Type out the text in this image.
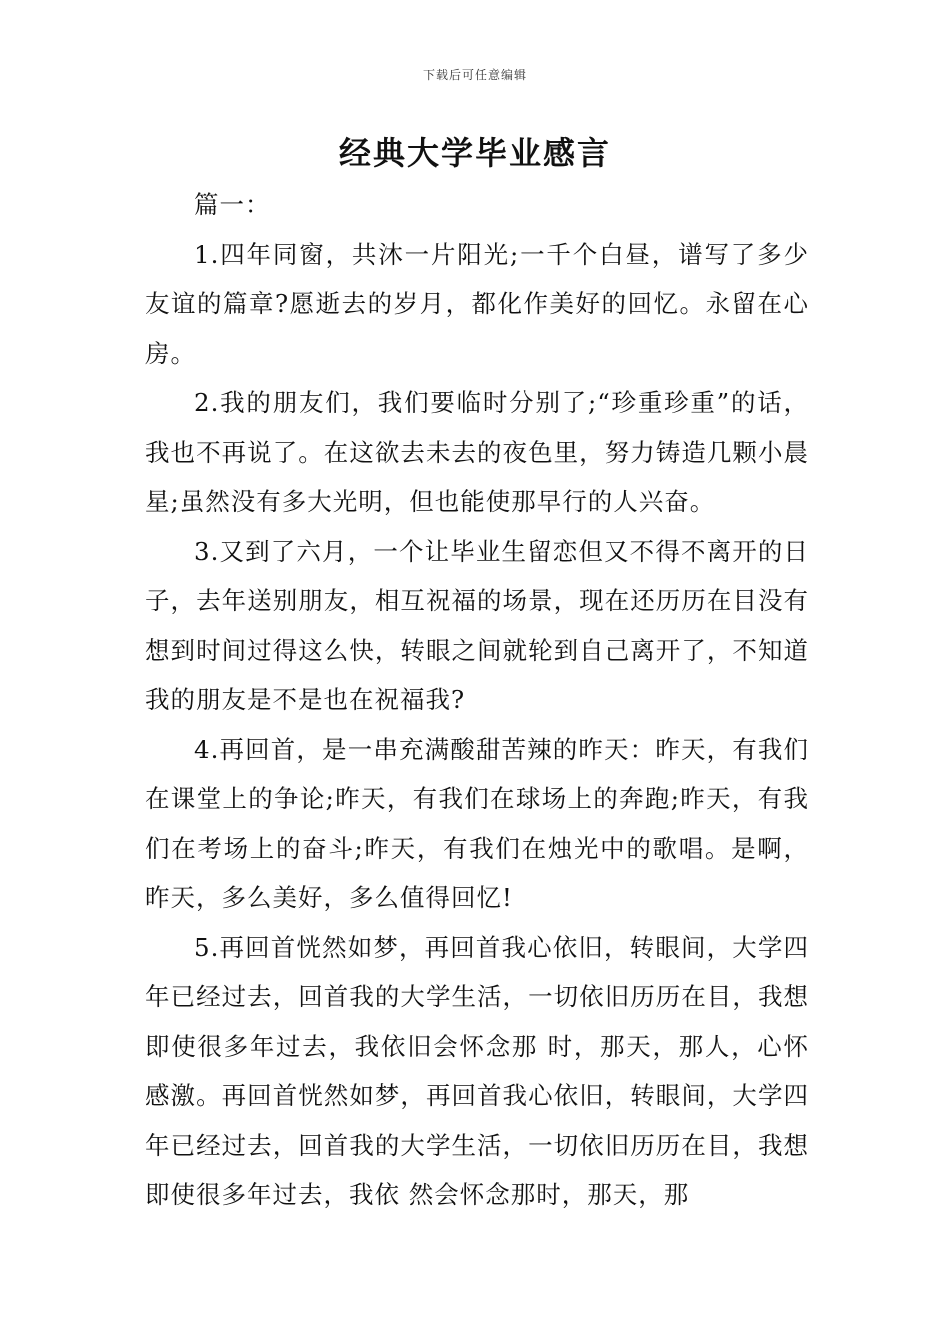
下载后可任意编辑
经典大学毕业感言

篇一：

1.四年同窗，共沐一片阳光;一千个白昼，谱写了多少友谊的篇章?愿逝去的岁月，都化作美好的回忆。永留在心房。

2.我的朋友们，我们要临时分别了;“珍重珍重”的话，我也不再说了。在这欲去未去的夜色里，努力铸造几颗小晨星;虽然没有多大光明，但也能使那早行的人兴奋。

3.又到了六月，一个让毕业生留恋但又不得不离开的日子，去年送别朋友，相互祝福的场景，现在还历历在目没有想到时间过得这么快，转眼之间就轮到自己离开了，不知道我的朋友是不是也在祝福我?

4.再回首，是一串充满酸甜苦辣的昨天：昨天，有我们在课堂上的争论;昨天，有我们在球场上的奔跑;昨天，有我们在考场上的奋斗;昨天，有我们在烛光中的歌唱。是啊，昨天，多么美好，多么值得回忆!

5.再回首恍然如梦，再回首我心依旧，转眼间，大学四年已经过去，回首我的大学生活，一切依旧历历在目，我想即使很多年过去，我依旧会怀念那 时，那天，那人，心怀感激。再回首恍然如梦，再回首我心依旧，转眼间，大学四年已经过去，回首我的大学生活，一切依旧历历在目，我想即使很多年过去，我依 然会怀念那时，那天，那
